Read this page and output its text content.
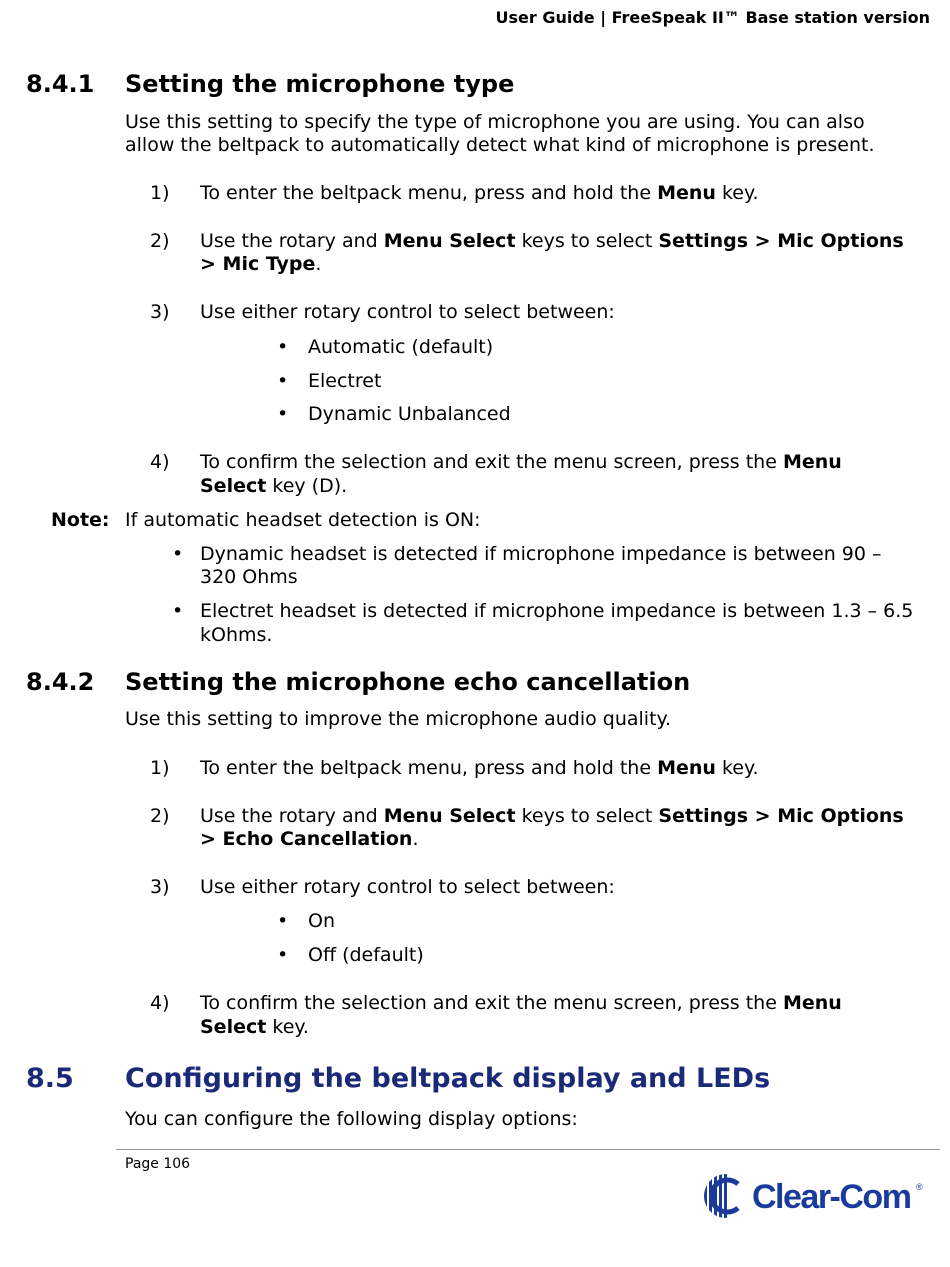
User Guide | FreeSpeak II™ Base station version
8.4.1 Setting the microphone type
Use this setting to specify the type of microphone you are using. You can also
allow the beltpack to automatically detect what kind of microphone is present.
1) To enter the beltpack menu, press and hold the Menu key.
2) Use the rotary and Menu Select keys to select Settings > Mic Options
> Mic Type.
3) Use either rotary control to select between:
• Automatic (default)
• Electret
• Dynamic Unbalanced
4) To confirm the selection and exit the menu screen, press the Menu
Select key (D).
Note: If automatic headset detection is ON:
• Dynamic headset is detected if microphone impedance is between 90 –
320 Ohms
• Electret headset is detected if microphone impedance is between 1.3 – 6.5
kOhms.
8.4.2 Setting the microphone echo cancellation
Use this setting to improve the microphone audio quality.
1) To enter the beltpack menu, press and hold the Menu key.
2) Use the rotary and Menu Select keys to select Settings > Mic Options
> Echo Cancellation.
3) Use either rotary control to select between:
• On
• Off (default)
4) To confirm the selection and exit the menu screen, press the Menu
Select key.
8.5 Configuring the beltpack display and LEDs
You can configure the following display options:
Page 106
Clear-Com ®
